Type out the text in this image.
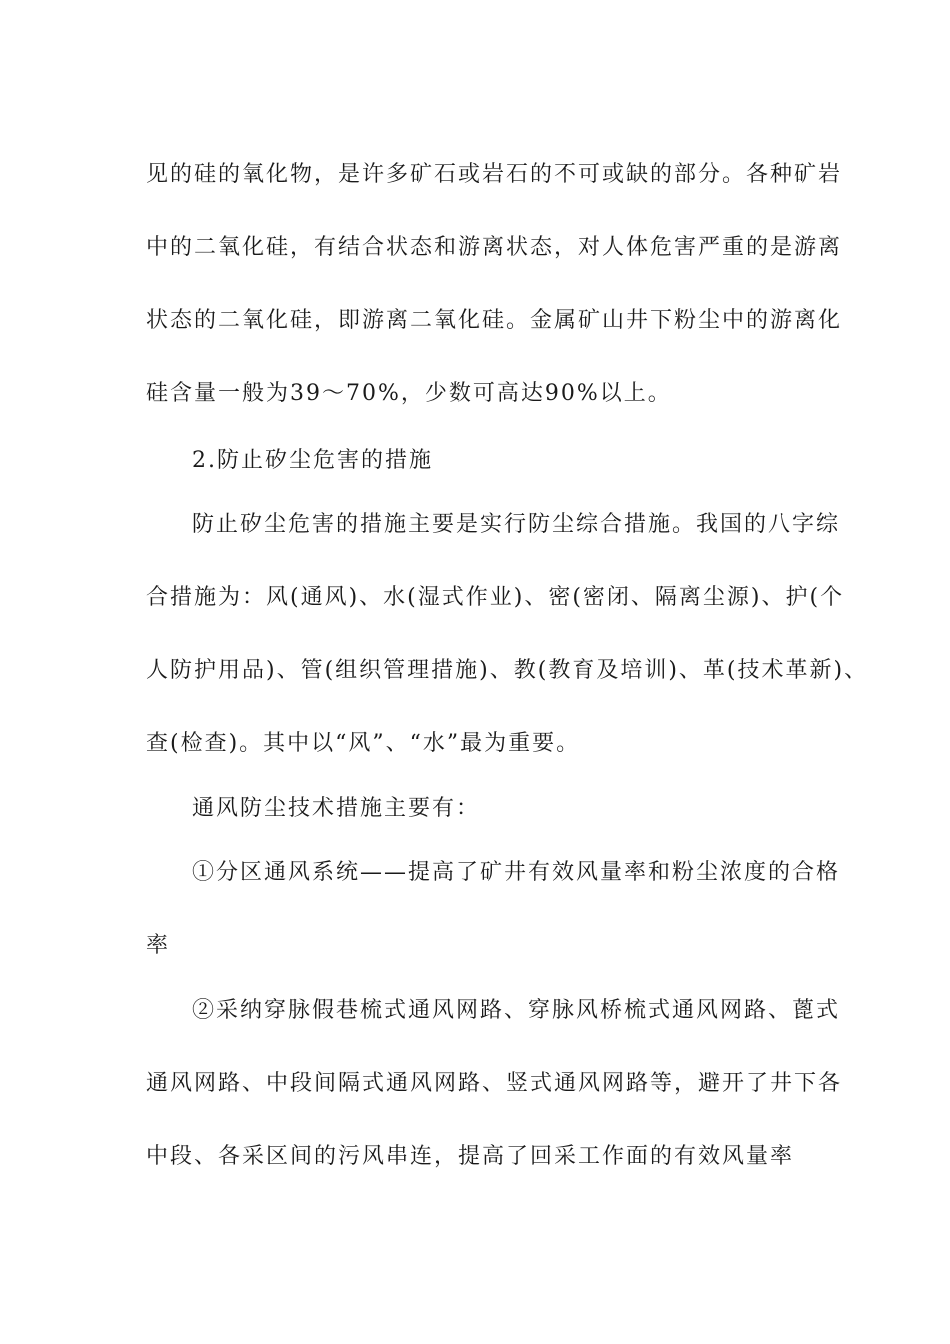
见的硅的氧化物，是许多矿石或岩石的不可或缺的部分。各种矿岩

中的二氧化硅，有结合状态和游离状态，对人体危害严重的是游离

状态的二氧化硅，即游离二氧化硅。金属矿山井下粉尘中的游离化

硅含量一般为39～70%，少数可高达90%以上。

2.防止矽尘危害的措施

防止矽尘危害的措施主要是实行防尘综合措施。我国的八字综

合措施为：风(通风)、水(湿式作业)、密(密闭、隔离尘源)、护(个

人防护用品)、管(组织管理措施)、教(教育及培训)、革(技术革新)、

查(检查)。其中以“风”、“水”最为重要。

通风防尘技术措施主要有：

①分区通风系统——提高了矿井有效风量率和粉尘浓度的合格

率

②采纳穿脉假巷梳式通风网路、穿脉风桥梳式通风网路、蓖式

通风网路、中段间隔式通风网路、竖式通风网路等，避开了井下各

中段、各采区间的污风串连，提高了回采工作面的有效风量率
